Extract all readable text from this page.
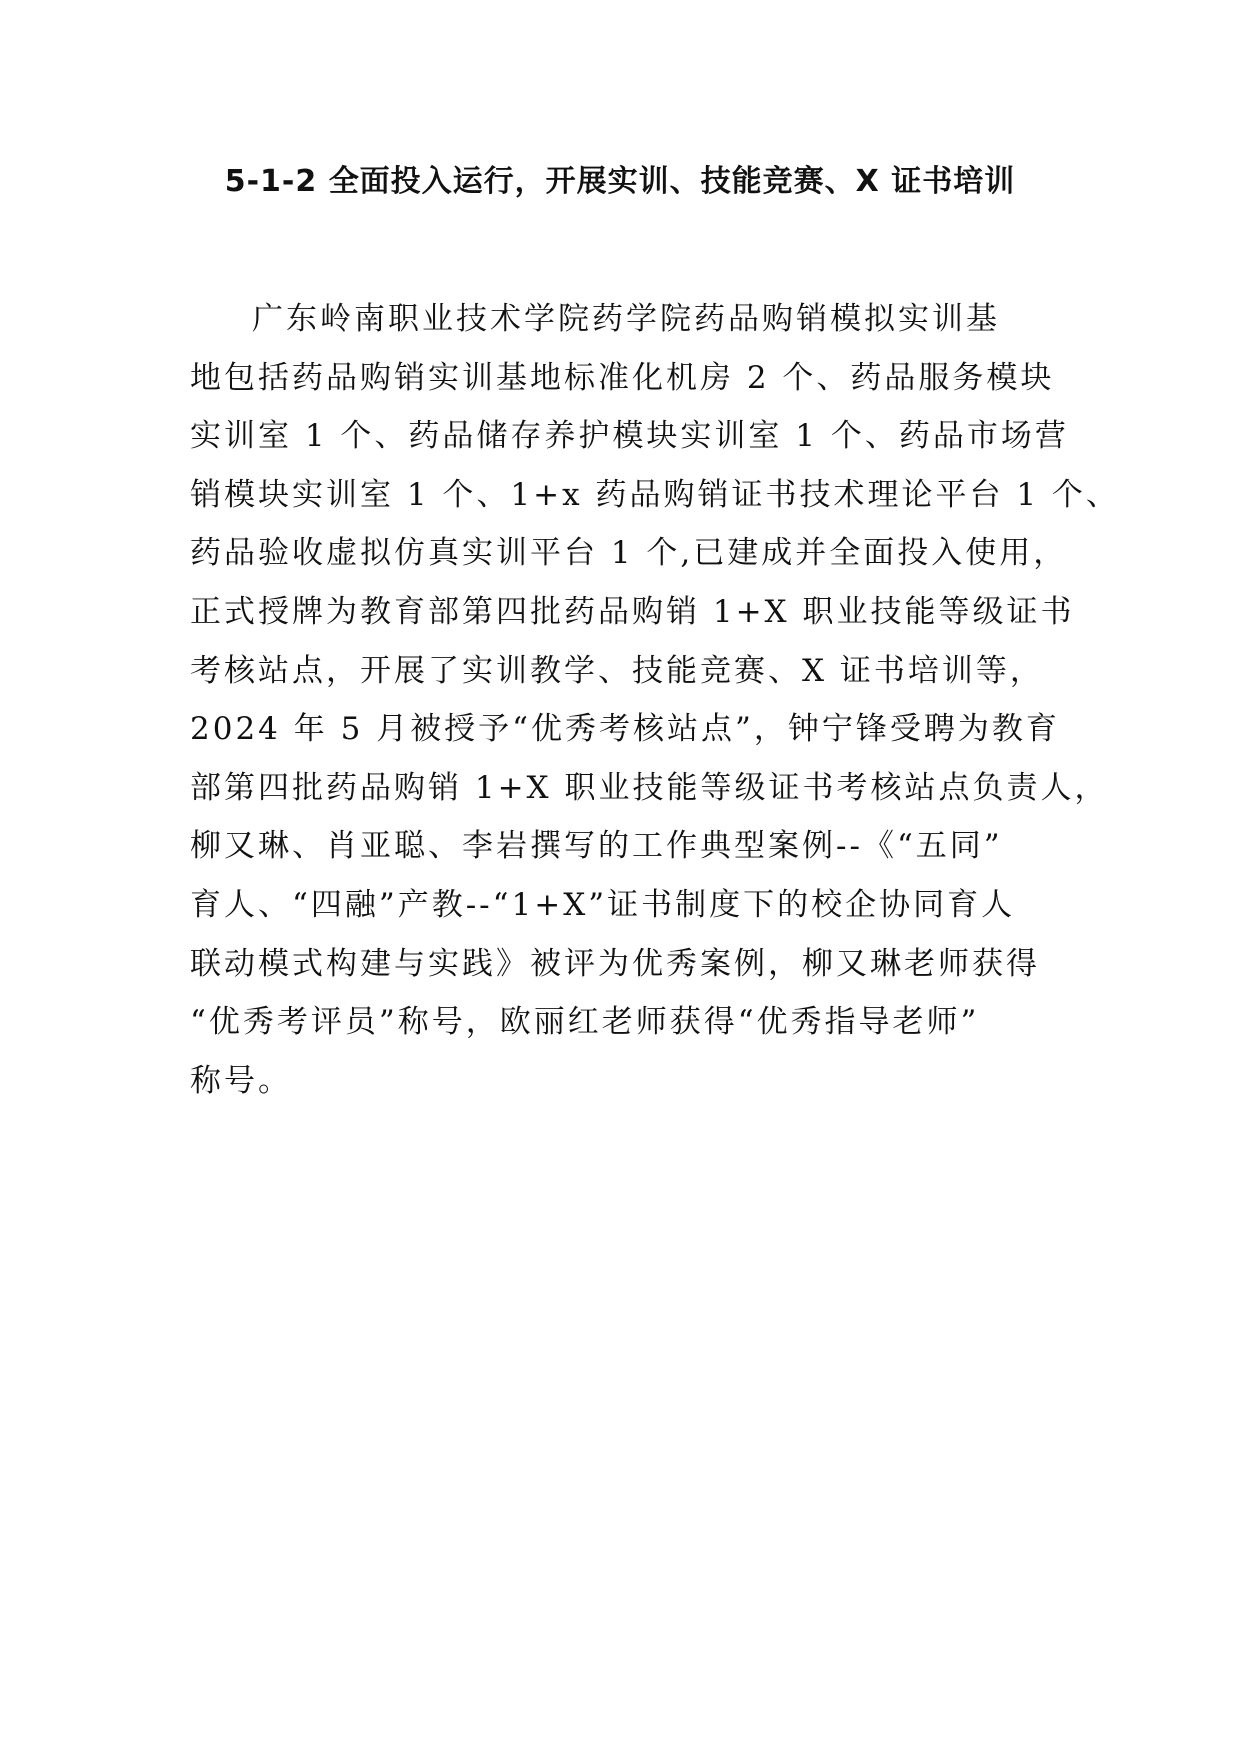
5-1-2 全面投入运行，开展实训、技能竞赛、X 证书培训
广东岭南职业技术学院药学院药品购销模拟实训基
地包括药品购销实训基地标准化机房 2 个、药品服务模块
实训室 1 个、药品储存养护模块实训室 1 个、药品市场营
销模块实训室 1 个、1+x 药品购销证书技术理论平台 1 个、
药品验收虚拟仿真实训平台 1 个,已建成并全面投入使用，
正式授牌为教育部第四批药品购销 1+X 职业技能等级证书
考核站点，开展了实训教学、技能竞赛、X 证书培训等，
2024 年 5 月被授予“优秀考核站点”，钟宁锋受聘为教育
部第四批药品购销 1+X 职业技能等级证书考核站点负责人，
柳又琳、肖亚聪、李岩撰写的工作典型案例--《“五同”
育人、“四融”产教--“1+X”证书制度下的校企协同育人
联动模式构建与实践》被评为优秀案例，柳又琳老师获得
“优秀考评员”称号，欧丽红老师获得“优秀指导老师”
称号。
